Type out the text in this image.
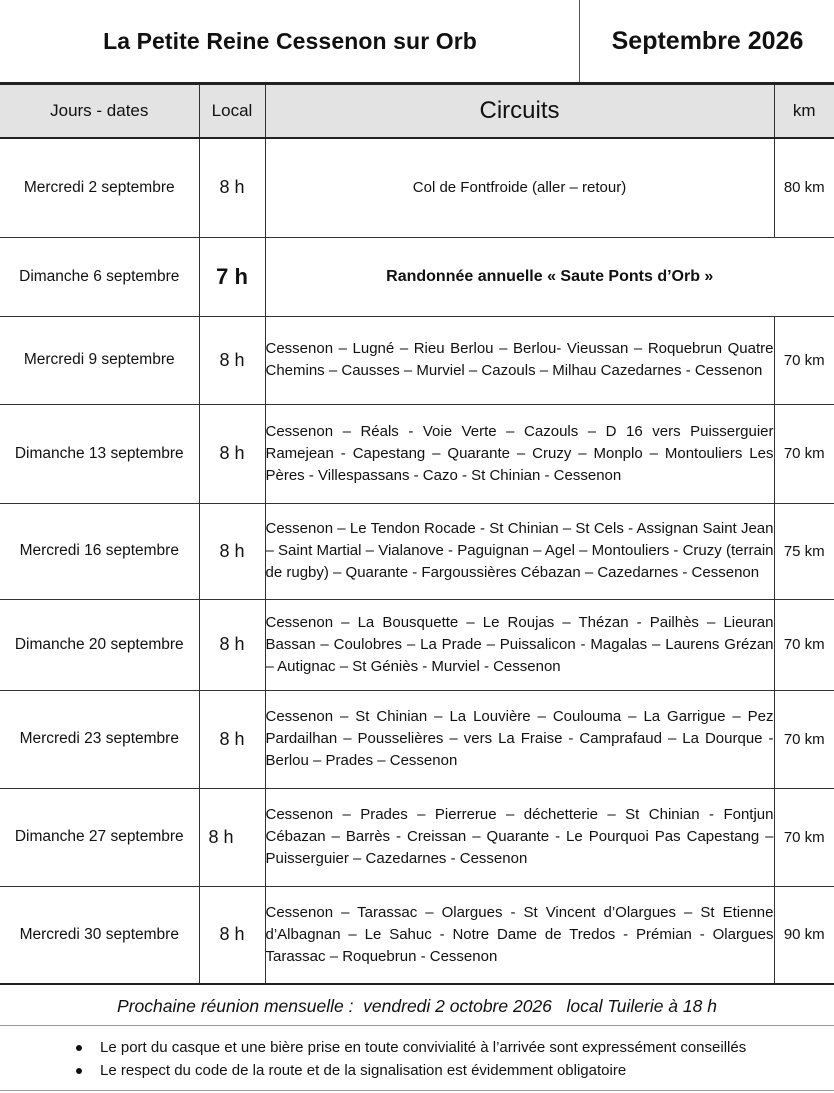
La Petite Reine Cessenon sur Orb	Septembre 2026
Jours - dates	Local	Circuits	km
Mercredi 2 septembre	8 h	Col de Fontfroide (aller – retour)	80 km
Dimanche 6 septembre	7 h	Randonnée annuelle « Saute Ponts d’Orb »	
Mercredi 9 septembre	8 h	Cessenon – Lugné – Rieu Berlou – Berlou- Vieussan – Roquebrun Quatre Chemins – Causses – Murviel – Cazouls – Milhau Cazedarnes - Cessenon	70 km
Dimanche 13 septembre	8 h	Cessenon – Réals - Voie Verte – Cazouls – D 16 vers Puisserguier Ramejean - Capestang – Quarante – Cruzy – Monplo – Montouliers Les Pères - Villespassans - Cazo - St Chinian - Cessenon	70 km
Mercredi 16 septembre	8 h	Cessenon – Le Tendon Rocade - St Chinian – St Cels - Assignan Saint Jean – Saint Martial – Vialanove - Paguignan – Agel – Montouliers - Cruzy (terrain de rugby) – Quarante - Fargoussières Cébazan – Cazedarnes - Cessenon	75 km
Dimanche 20 septembre	8 h	Cessenon – La Bousquette – Le Roujas – Thézan - Pailhès – Lieuran Bassan – Coulobres – La Prade – Puissalicon - Magalas – Laurens Grézan – Autignac – St Géniès - Murviel - Cessenon	70 km
Mercredi 23 septembre	8 h	Cessenon – St Chinian – La Louvière – Coulouma – La Garrigue – Pez Pardailhan – Pousselières – vers La Fraise - Camprafaud – La Dourque - Berlou – Prades – Cessenon	70 km
Dimanche 27 septembre	8 h	Cessenon – Prades – Pierrerue – déchetterie – St Chinian - Fontjun Cébazan – Barrès - Creissan – Quarante - Le Pourquoi Pas Capestang – Puisserguier – Cazedarnes - Cessenon	70 km
Mercredi 30 septembre	8 h	Cessenon – Tarassac – Olargues - St Vincent d’Olargues – St Etienne d’Albagnan – Le Sahuc - Notre Dame de Tredos - Prémian - Olargues Tarassac – Roquebrun - Cessenon	90 km
Prochaine réunion mensuelle :  vendredi 2 octobre 2026   local Tuilerie à 18 h
Le port du casque et une bière prise en toute convivialité à l’arrivée sont expressément conseillés
Le respect du code de la route et de la signalisation est évidemment obligatoire
